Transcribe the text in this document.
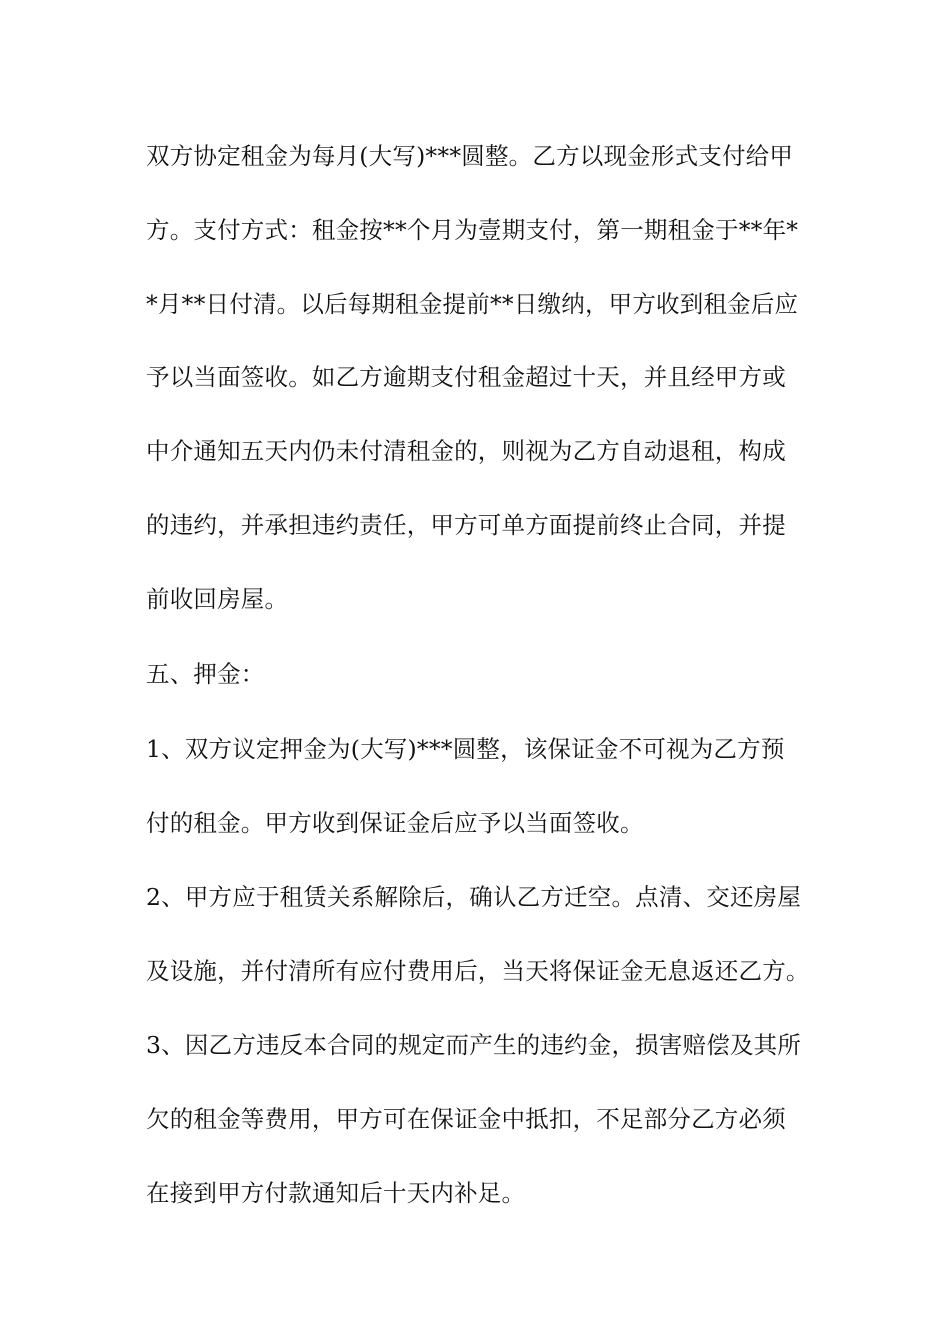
双方协定租金为每月(大写)***圆整。乙方以现金形式支付给甲
方。支付方式：租金按**个月为壹期支付，第一期租金于**年*
*月**日付清。以后每期租金提前**日缴纳，甲方收到租金后应
予以当面签收。如乙方逾期支付租金超过十天，并且经甲方或
中介通知五天内仍未付清租金的，则视为乙方自动退租，构成
的违约，并承担违约责任，甲方可单方面提前终止合同，并提
前收回房屋。
五、押金：
1、双方议定押金为(大写)***圆整，该保证金不可视为乙方预
付的租金。甲方收到保证金后应予以当面签收。
2、甲方应于租赁关系解除后，确认乙方迁空。点清、交还房屋
及设施，并付清所有应付费用后，当天将保证金无息返还乙方。
3、因乙方违反本合同的规定而产生的违约金，损害赔偿及其所
欠的租金等费用，甲方可在保证金中抵扣，不足部分乙方必须
在接到甲方付款通知后十天内补足。
